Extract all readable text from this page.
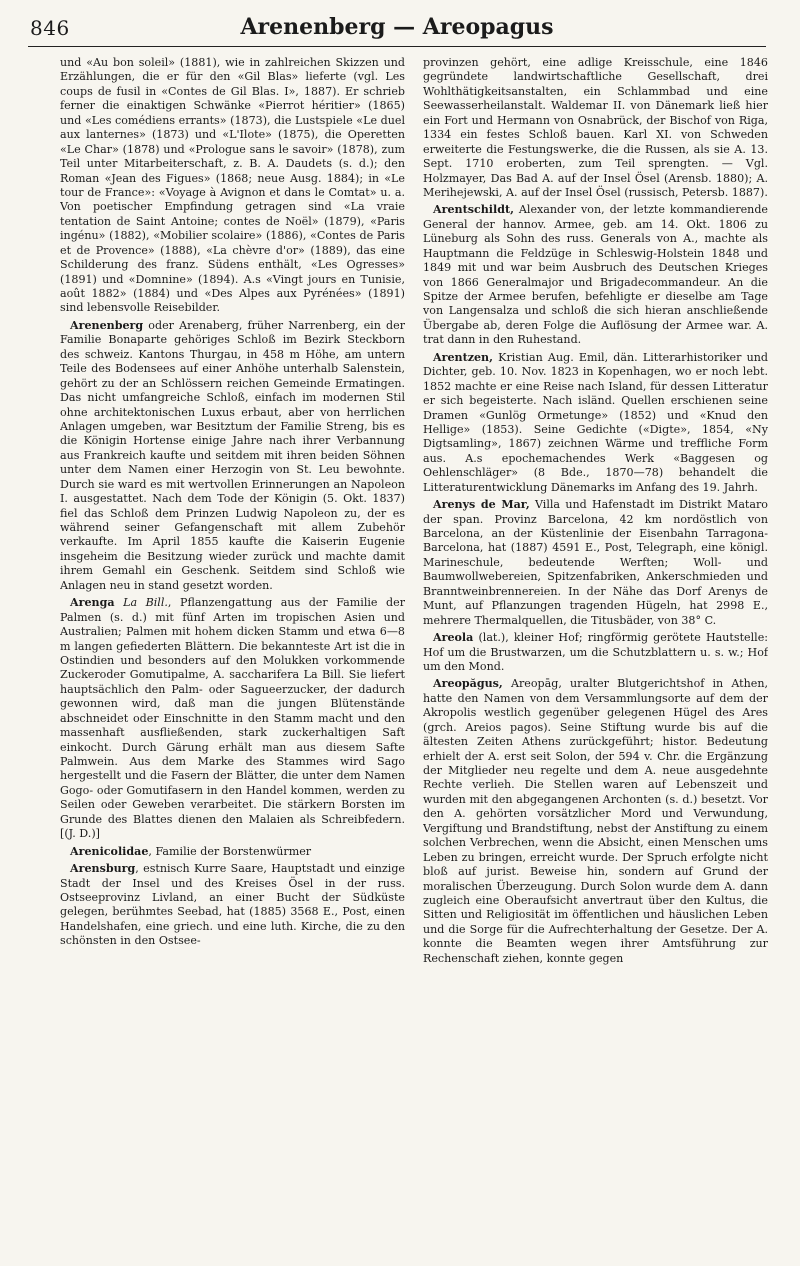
846	Arenenberg — Areopagus

und «Au bon soleil» (1881), wie in zahlreichen Skizzen und Erzählungen, die er für den «Gil Blas» lieferte (vgl. Les coups de fusil in «Contes de Gil Blas. I», 1887). Er schrieb ferner die einaktigen Schwänke «Pierrot héritier» (1865) und «Les comédiens errants» (1873), die Lustspiele «Le duel aux lanternes» (1873) und «L'Ilote» (1875), die Operetten «Le Char» (1878) und «Prologue sans le savoir» (1878), zum Teil unter Mitarbeiterschaft, z. B. A. Daudets (s. d.); den Roman «Jean des Figues» (1868; neue Ausg. 1884); in «Le tour de France»: «Voyage à Avignon et dans le Comtat» u. a. Von poetischer Empfindung getragen sind «La vraie tentation de Saint Antoine; contes de Noël» (1879), «Paris ingénu» (1882), «Mobilier scolaire» (1886), «Contes de Paris et de Provence» (1888), «La chèvre d'or» (1889), das eine Schilderung des franz. Südens enthält, «Les Ogresses» (1891) und «Domnine» (1894). A.s «Vingt jours en Tunisie, août 1882» (1884) und «Des Alpes aux Pyrénées» (1891) sind lebensvolle Reisebilder.

Arenenberg oder Arenaberg, früher Narrenberg, ein der Familie Bonaparte gehöriges Schloß im Bezirk Steckborn des schweiz. Kantons Thurgau, in 458 m Höhe, am untern Teile des Bodensees auf einer Anhöhe unterhalb Salenstein, gehört zu der an Schlössern reichen Gemeinde Ermatingen. Das nicht umfangreiche Schloß, einfach im modernen Stil ohne architektonischen Luxus erbaut, aber von herrlichen Anlagen umgeben, war Besitztum der Familie Streng, bis es die Königin Hortense einige Jahre nach ihrer Verbannung aus Frankreich kaufte und seitdem mit ihren beiden Söhnen unter dem Namen einer Herzogin von St. Leu bewohnte. Durch sie ward es mit wertvollen Erinnerungen an Napoleon I. ausgestattet. Nach dem Tode der Königin (5. Okt. 1837) fiel das Schloß dem Prinzen Ludwig Napoleon zu, der es während seiner Gefangenschaft mit allem Zubehör verkaufte. Im April 1855 kaufte die Kaiserin Eugenie insgeheim die Besitzung wieder zurück und machte damit ihrem Gemahl ein Geschenk. Seitdem sind Schloß wie Anlagen neu in stand gesetzt worden.

Arenga La Bill., Pflanzengattung aus der Familie der Palmen (s. d.) mit fünf Arten im tropischen Asien und Australien; Palmen mit hohem dicken Stamm und etwa 6—8 m langen gefiederten Blättern. Die bekannteste Art ist die in Ostindien und besonders auf den Molukken vorkommende Zuckeroder Gomutipalme, A. saccharifera La Bill. Sie liefert hauptsächlich den Palm- oder Sagueerzucker, der dadurch gewonnen wird, daß man die jungen Blütenstände abschneidet oder Einschnitte in den Stamm macht und den massenhaft ausfließenden, stark zuckerhaltigen Saft einkocht. Durch Gärung erhält man aus diesem Safte Palmwein. Aus dem Marke des Stammes wird Sago hergestellt und die Fasern der Blätter, die unter dem Namen Gogo- oder Gomutifasern in den Handel kommen, werden zu Seilen oder Geweben verarbeitet. Die stärkern Borsten im Grunde des Blattes dienen den Malaien als Schreibfedern. [(J. D.)]

Arenicolidae, Familie der Borstenwürmer

Arensburg, estnisch Kurre Saare, Hauptstadt und einzige Stadt der Insel und des Kreises Ösel in der russ. Ostseeprovinz Livland, an einer Bucht der Südküste gelegen, berühmtes Seebad, hat (1885) 3568 E., Post, einen Handelshafen, eine griech. und eine luth. Kirche, die zu den schönsten in den Ostsee-

provinzen gehört, eine adlige Kreisschule, eine 1846 gegründete landwirtschaftliche Gesellschaft, drei Wohlthätigkeitsanstalten, ein Schlammbad und eine Seewasserheilanstalt. Waldemar II. von Dänemark ließ hier ein Fort und Hermann von Osnabrück, der Bischof von Riga, 1334 ein festes Schloß bauen. Karl XI. von Schweden erweiterte die Festungswerke, die die Russen, als sie A. 13. Sept. 1710 eroberten, zum Teil sprengten. — Vgl. Holzmayer, Das Bad A. auf der Insel Ösel (Arensb. 1880); A. Merihejewski, A. auf der Insel Ösel (russisch, Petersb. 1887).

Arentschildt, Alexander von, der letzte kommandierende General der hannov. Armee, geb. am 14. Okt. 1806 zu Lüneburg als Sohn des russ. Generals von A., machte als Hauptmann die Feldzüge in Schleswig-Holstein 1848 und 1849 mit und war beim Ausbruch des Deutschen Krieges von 1866 Generalmajor und Brigadecommandeur. An die Spitze der Armee berufen, befehligte er dieselbe am Tage von Langensalza und schloß die sich hieran anschließende Übergabe ab, deren Folge die Auflösung der Armee war. A. trat dann in den Ruhestand.

Arentzen, Kristian Aug. Emil, dän. Litterarhistoriker und Dichter, geb. 10. Nov. 1823 in Kopenhagen, wo er noch lebt. 1852 machte er eine Reise nach Island, für dessen Litteratur er sich begeisterte. Nach isländ. Quellen erschienen seine Dramen «Gunlög Ormetunge» (1852) und «Knud den Hellige» (1853). Seine Gedichte («Digte», 1854, «Ny Digtsamling», 1867) zeichnen Wärme und treffliche Form aus. A.s epochemachendes Werk «Baggesen og Oehlenschläger» (8 Bde., 1870—78) behandelt die Litteraturentwicklung Dänemarks im Anfang des 19. Jahrh.

Arenys de Mar, Villa und Hafenstadt im Distrikt Mataro der span. Provinz Barcelona, 42 km nordöstlich von Barcelona, an der Küstenlinie der Eisenbahn Tarragona-Barcelona, hat (1887) 4591 E., Post, Telegraph, eine königl. Marineschule, bedeutende Werften; Woll- und Baumwollwebereien, Spitzenfabriken, Ankerschmieden und Branntweinbrennereien. In der Nähe das Dorf Arenys de Munt, auf Pflanzungen tragenden Hügeln, hat 2998 E., mehrere Thermalquellen, die Titusbäder, von 38° C.

Areola (lat.), kleiner Hof; ringförmig gerötete Hautstelle: Hof um die Brustwarzen, um die Schutzblattern u. s. w.; Hof um den Mond.

Areopăgus, Areopāg, uralter Blutgerichtshof in Athen, hatte den Namen von dem Versammlungsorte auf dem der Akropolis westlich gegenüber gelegenen Hügel des Ares (grch. Areios pagos). Seine Stiftung wurde bis auf die ältesten Zeiten Athens zurückgeführt; histor. Bedeutung erhielt der A. erst seit Solon, der 594 v. Chr. die Ergänzung der Mitglieder neu regelte und dem A. neue ausgedehnte Rechte verlieh. Die Stellen waren auf Lebenszeit und wurden mit den abgegangenen Archonten (s. d.) besetzt. Vor den A. gehörten vorsätzlicher Mord und Verwundung, Vergiftung und Brandstiftung, nebst der Anstiftung zu einem solchen Verbrechen, wenn die Absicht, einen Menschen ums Leben zu bringen, erreicht wurde. Der Spruch erfolgte nicht bloß auf jurist. Beweise hin, sondern auf Grund der moralischen Überzeugung. Durch Solon wurde dem A. dann zugleich eine Oberaufsicht anvertraut über den Kultus, die Sitten und Religiosität im öffentlichen und häuslichen Leben und die Sorge für die Aufrechterhaltung der Gesetze. Der A. konnte die Beamten wegen ihrer Amtsführung zur Rechenschaft ziehen, konnte gegen
